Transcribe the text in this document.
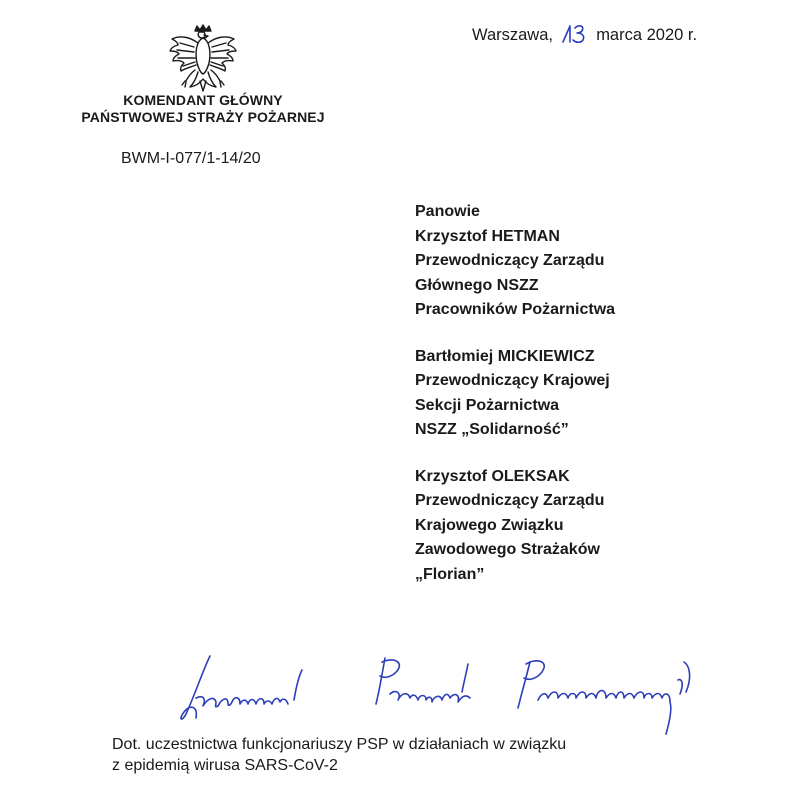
KOMENDANT GŁÓWNY
PAŃSTWOWEJ STRAŻY POŻARNEJ
Warszawa,	marca 2020 r.
BWM-I-077/1-14/20
Panowie
Krzysztof HETMAN
Przewodniczący Zarządu
Głównego NSZZ
Pracowników Pożarnictwa
Bartłomiej MICKIEWICZ
Przewodniczący Krajowej
Sekcji Pożarnictwa
NSZZ „Solidarność”
Krzysztof OLEKSAK
Przewodniczący Zarządu
Krajowego Związku
Zawodowego Strażaków
„Florian”
Dot. uczestnictwa funkcjonariuszy PSP w działaniach w związku
z epidemią wirusa SARS-CoV-2
